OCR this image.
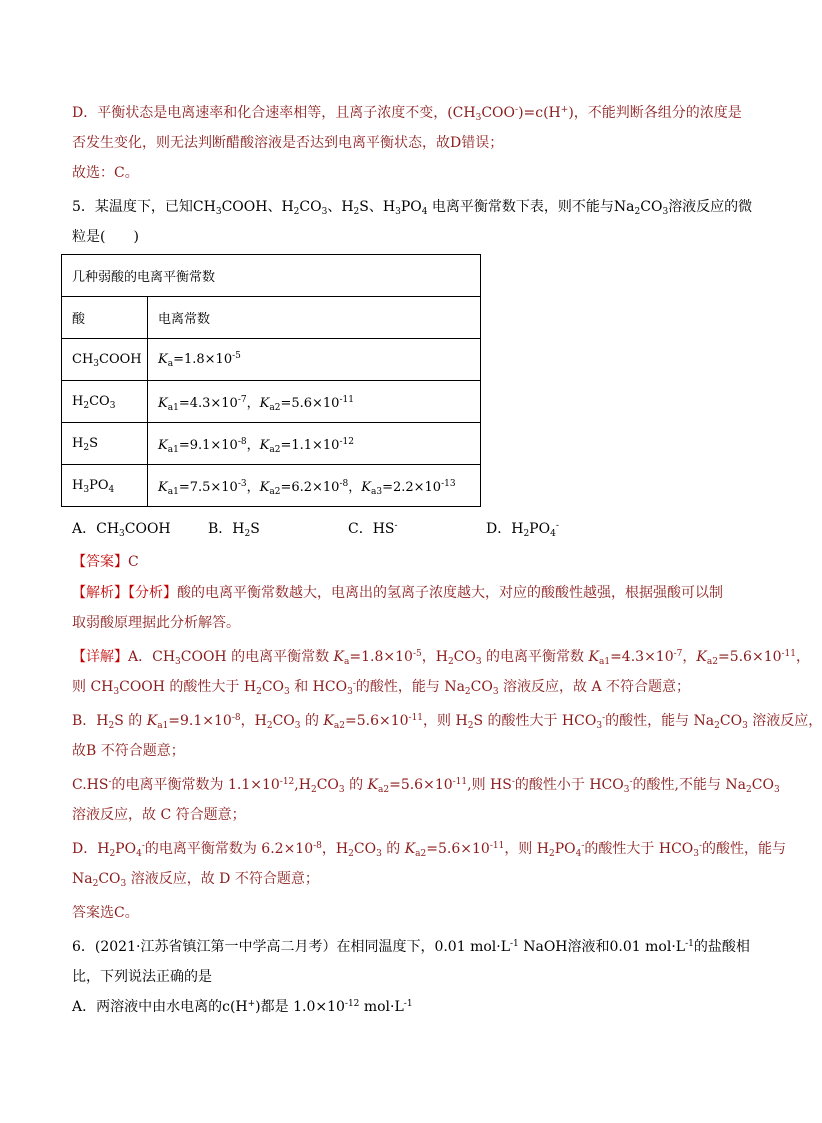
D．平衡状态是电离速率和化合速率相等，且离子浓度不变，$(CH_3COO^-)=c(H^+)$，不能判断各组分的浓度是
否发生变化，则无法判断醋酸溶液是否达到电离平衡状态，故D错误；
故选：C。
5．某温度下，已知$CH_3COOH$、$H_2CO_3$、$H_2S$、$H_3PO_4$ 电离平衡常数下表，则不能与$Na_2CO_3$溶液反应的微
粒是(　　)
几种弱酸的电离平衡常数	
酸	电离常数
$CH_3COOH$	$K_a=1.8\times 10^{-5}$
$H_2CO_3$	$K_{a1}=4.3\times 10^{-7}$，$K_{a2}=5.6\times 10^{-11}$
$H_2S$	$K_{a1}=9.1\times 10^{-8}$，$K_{a2}=1.1\times 10^{-12}$
$H_3PO_4$	$K_{a1}=7.5\times 10^{-3}$，$K_{a2}=6.2\times 10^{-8}$，$K_{a3}=2.2\times 10^{-13}$
A．$CH_3COOH$	B．$H_2S$	C．HS-	D．$H_2PO_4^-$
【答案】C
【解析】【分析】酸的电离平衡常数越大，电离出的氢离子浓度越大，对应的酸酸性越强，根据强酸可以制
取弱酸原理据此分析解答。
【详解】A．$CH_3COOH$ 的电离平衡常数 $K_a=1.8\times 10^{-5}$，$H_2CO_3$ 的电离平衡常数 $K_{a1}=4.3\times 10^{-7}$，$K_{a2}=5.6\times 10^{-11}$，
则 $CH_3COOH$ 的酸性大于 $H_2CO_3$ 和 $HCO_3^-$的酸性，能与 $Na_2CO_3$ 溶液反应，故 A 不符合题意；
B．$H_2S$ 的 $K_{a1}=9.1\times 10^{-8}$，$H_2CO_3$ 的 $K_{a2}=5.6\times 10^{-11}$，则 $H_2S$ 的酸性大于 $HCO_3^-$的酸性，能与 $Na_2CO_3$ 溶液反应，
故B 不符合题意；
C.HS-的电离平衡常数为 $1.1\times 10^{-12},H_2CO_3$ 的 $K_{a2}=5.6\times 10^{-11}$,则 HS-的酸性小于 $HCO_3^-$的酸性,不能与 $Na_2CO_3$
溶液反应，故 C 符合题意；
D．$H_2PO_4^-$的电离平衡常数为 $6.2\times 10^{-8}$，$H_2CO_3$ 的 $K_{a2}=5.6\times 10^{-11}$，则 $H_2PO_4^-$的酸性大于 $HCO_3^-$的酸性，能与
$Na_2CO_3$ 溶液反应，故 D 不符合题意；
答案选C。
6．(2021·江苏省镇江第一中学高二月考）在相同温度下，0.01 $mol\cdot L^{-1}$ NaOH溶液和0.01 $mol\cdot L^{-1}$的盐酸相
比，下列说法正确的是
A．两溶液中由水电离的c(H+)都是 $1.0\times 10^{-12}$ $mol\cdot L^{-1}$
